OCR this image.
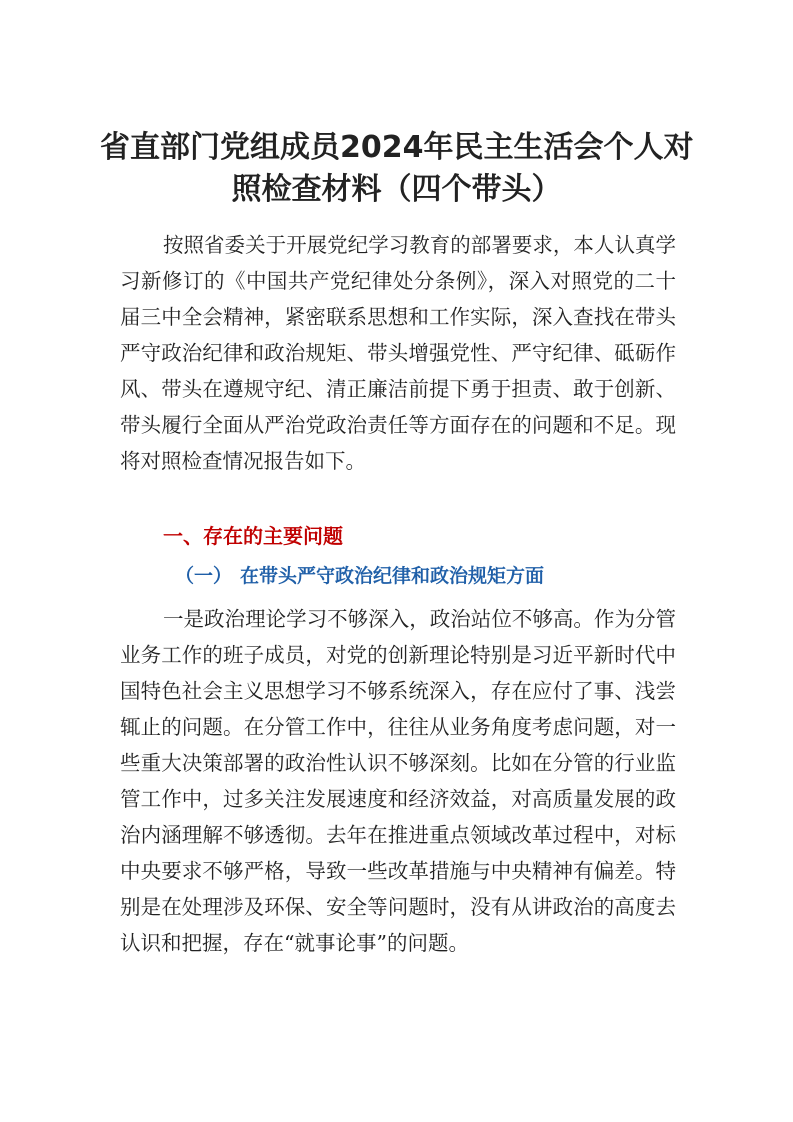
省直部门党组成员2024年民主生活会个人对
照检查材料（四个带头）
按照省委关于开展党纪学习教育的部署要求，本人认真学
习新修订的《中国共产党纪律处分条例》，深入对照党的二十
届三中全会精神，紧密联系思想和工作实际，深入查找在带头
严守政治纪律和政治规矩、带头增强党性、严守纪律、砥砺作
风、带头在遵规守纪、清正廉洁前提下勇于担责、敢于创新、
带头履行全面从严治党政治责任等方面存在的问题和不足。现
将对照检查情况报告如下。
一、存在的主要问题
（一） 在带头严守政治纪律和政治规矩方面
一是政治理论学习不够深入，政治站位不够高。作为分管
业务工作的班子成员，对党的创新理论特别是习近平新时代中
国特色社会主义思想学习不够系统深入，存在应付了事、浅尝
辄止的问题。在分管工作中，往往从业务角度考虑问题，对一
些重大决策部署的政治性认识不够深刻。比如在分管的行业监
管工作中，过多关注发展速度和经济效益，对高质量发展的政
治内涵理解不够透彻。去年在推进重点领域改革过程中，对标
中央要求不够严格，导致一些改革措施与中央精神有偏差。特
别是在处理涉及环保、安全等问题时，没有从讲政治的高度去
认识和把握，存在“就事论事”的问题。
